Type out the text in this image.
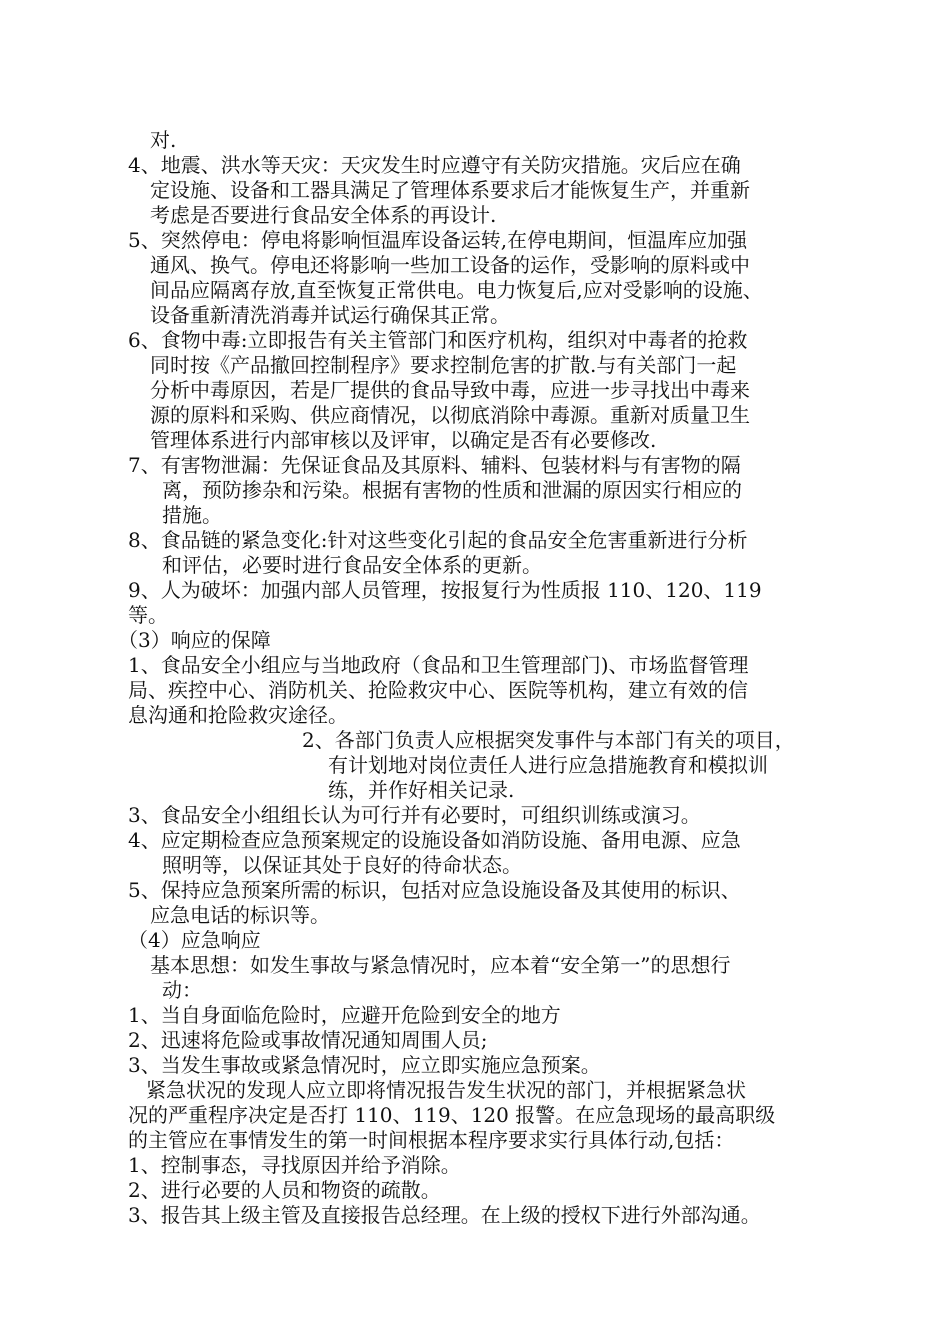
对.
4、地震、洪水等天灾：天灾发生时应遵守有关防灾措施。灾后应在确
定设施、设备和工器具满足了管理体系要求后才能恢复生产，并重新
考虑是否要进行食品安全体系的再设计.
5、突然停电：停电将影响恒温库设备运转,在停电期间，恒温库应加强
通风、换气。停电还将影响一些加工设备的运作，受影响的原料或中
间品应隔离存放,直至恢复正常供电。电力恢复后,应对受影响的设施、
设备重新清洗消毒并试运行确保其正常。
6、食物中毒:立即报告有关主管部门和医疗机构，组织对中毒者的抢救
同时按《产品撤回控制程序》要求控制危害的扩散.与有关部门一起
分析中毒原因，若是厂提供的食品导致中毒，应进一步寻找出中毒来
源的原料和采购、供应商情况，以彻底消除中毒源。重新对质量卫生
管理体系进行内部审核以及评审，以确定是否有必要修改.
7、有害物泄漏：先保证食品及其原料、辅料、包装材料与有害物的隔
离，预防掺杂和污染。根据有害物的性质和泄漏的原因实行相应的
措施。
8、食品链的紧急变化:针对这些变化引起的食品安全危害重新进行分析
和评估，必要时进行食品安全体系的更新。
9、人为破坏：加强内部人员管理，按报复行为性质报 110、120、119
等。
（3）响应的保障
1、食品安全小组应与当地政府（食品和卫生管理部门)、市场监督管理
局、疾控中心、消防机关、抢险救灾中心、医院等机构，建立有效的信
息沟通和抢险救灾途径。
2、各部门负责人应根据突发事件与本部门有关的项目，
有计划地对岗位责任人进行应急措施教育和模拟训
练，并作好相关记录.
3、食品安全小组组长认为可行并有必要时，可组织训练或演习。
4、应定期检查应急预案规定的设施设备如消防设施、备用电源、应急
照明等，以保证其处于良好的待命状态。
5、保持应急预案所需的标识，包括对应急设施设备及其使用的标识、
应急电话的标识等。
（4）应急响应
基本思想：如发生事故与紧急情况时，应本着“安全第一”的思想行
动：
1、当自身面临危险时，应避开危险到安全的地方
2、迅速将危险或事故情况通知周围人员;
3、当发生事故或紧急情况时，应立即实施应急预案。
紧急状况的发现人应立即将情况报告发生状况的部门，并根据紧急状
况的严重程序决定是否打 110、119、120 报警。在应急现场的最高职级
的主管应在事情发生的第一时间根据本程序要求实行具体行动,包括：
1、控制事态，寻找原因并给予消除。
2、进行必要的人员和物资的疏散。
3、报告其上级主管及直接报告总经理。在上级的授权下进行外部沟通。
